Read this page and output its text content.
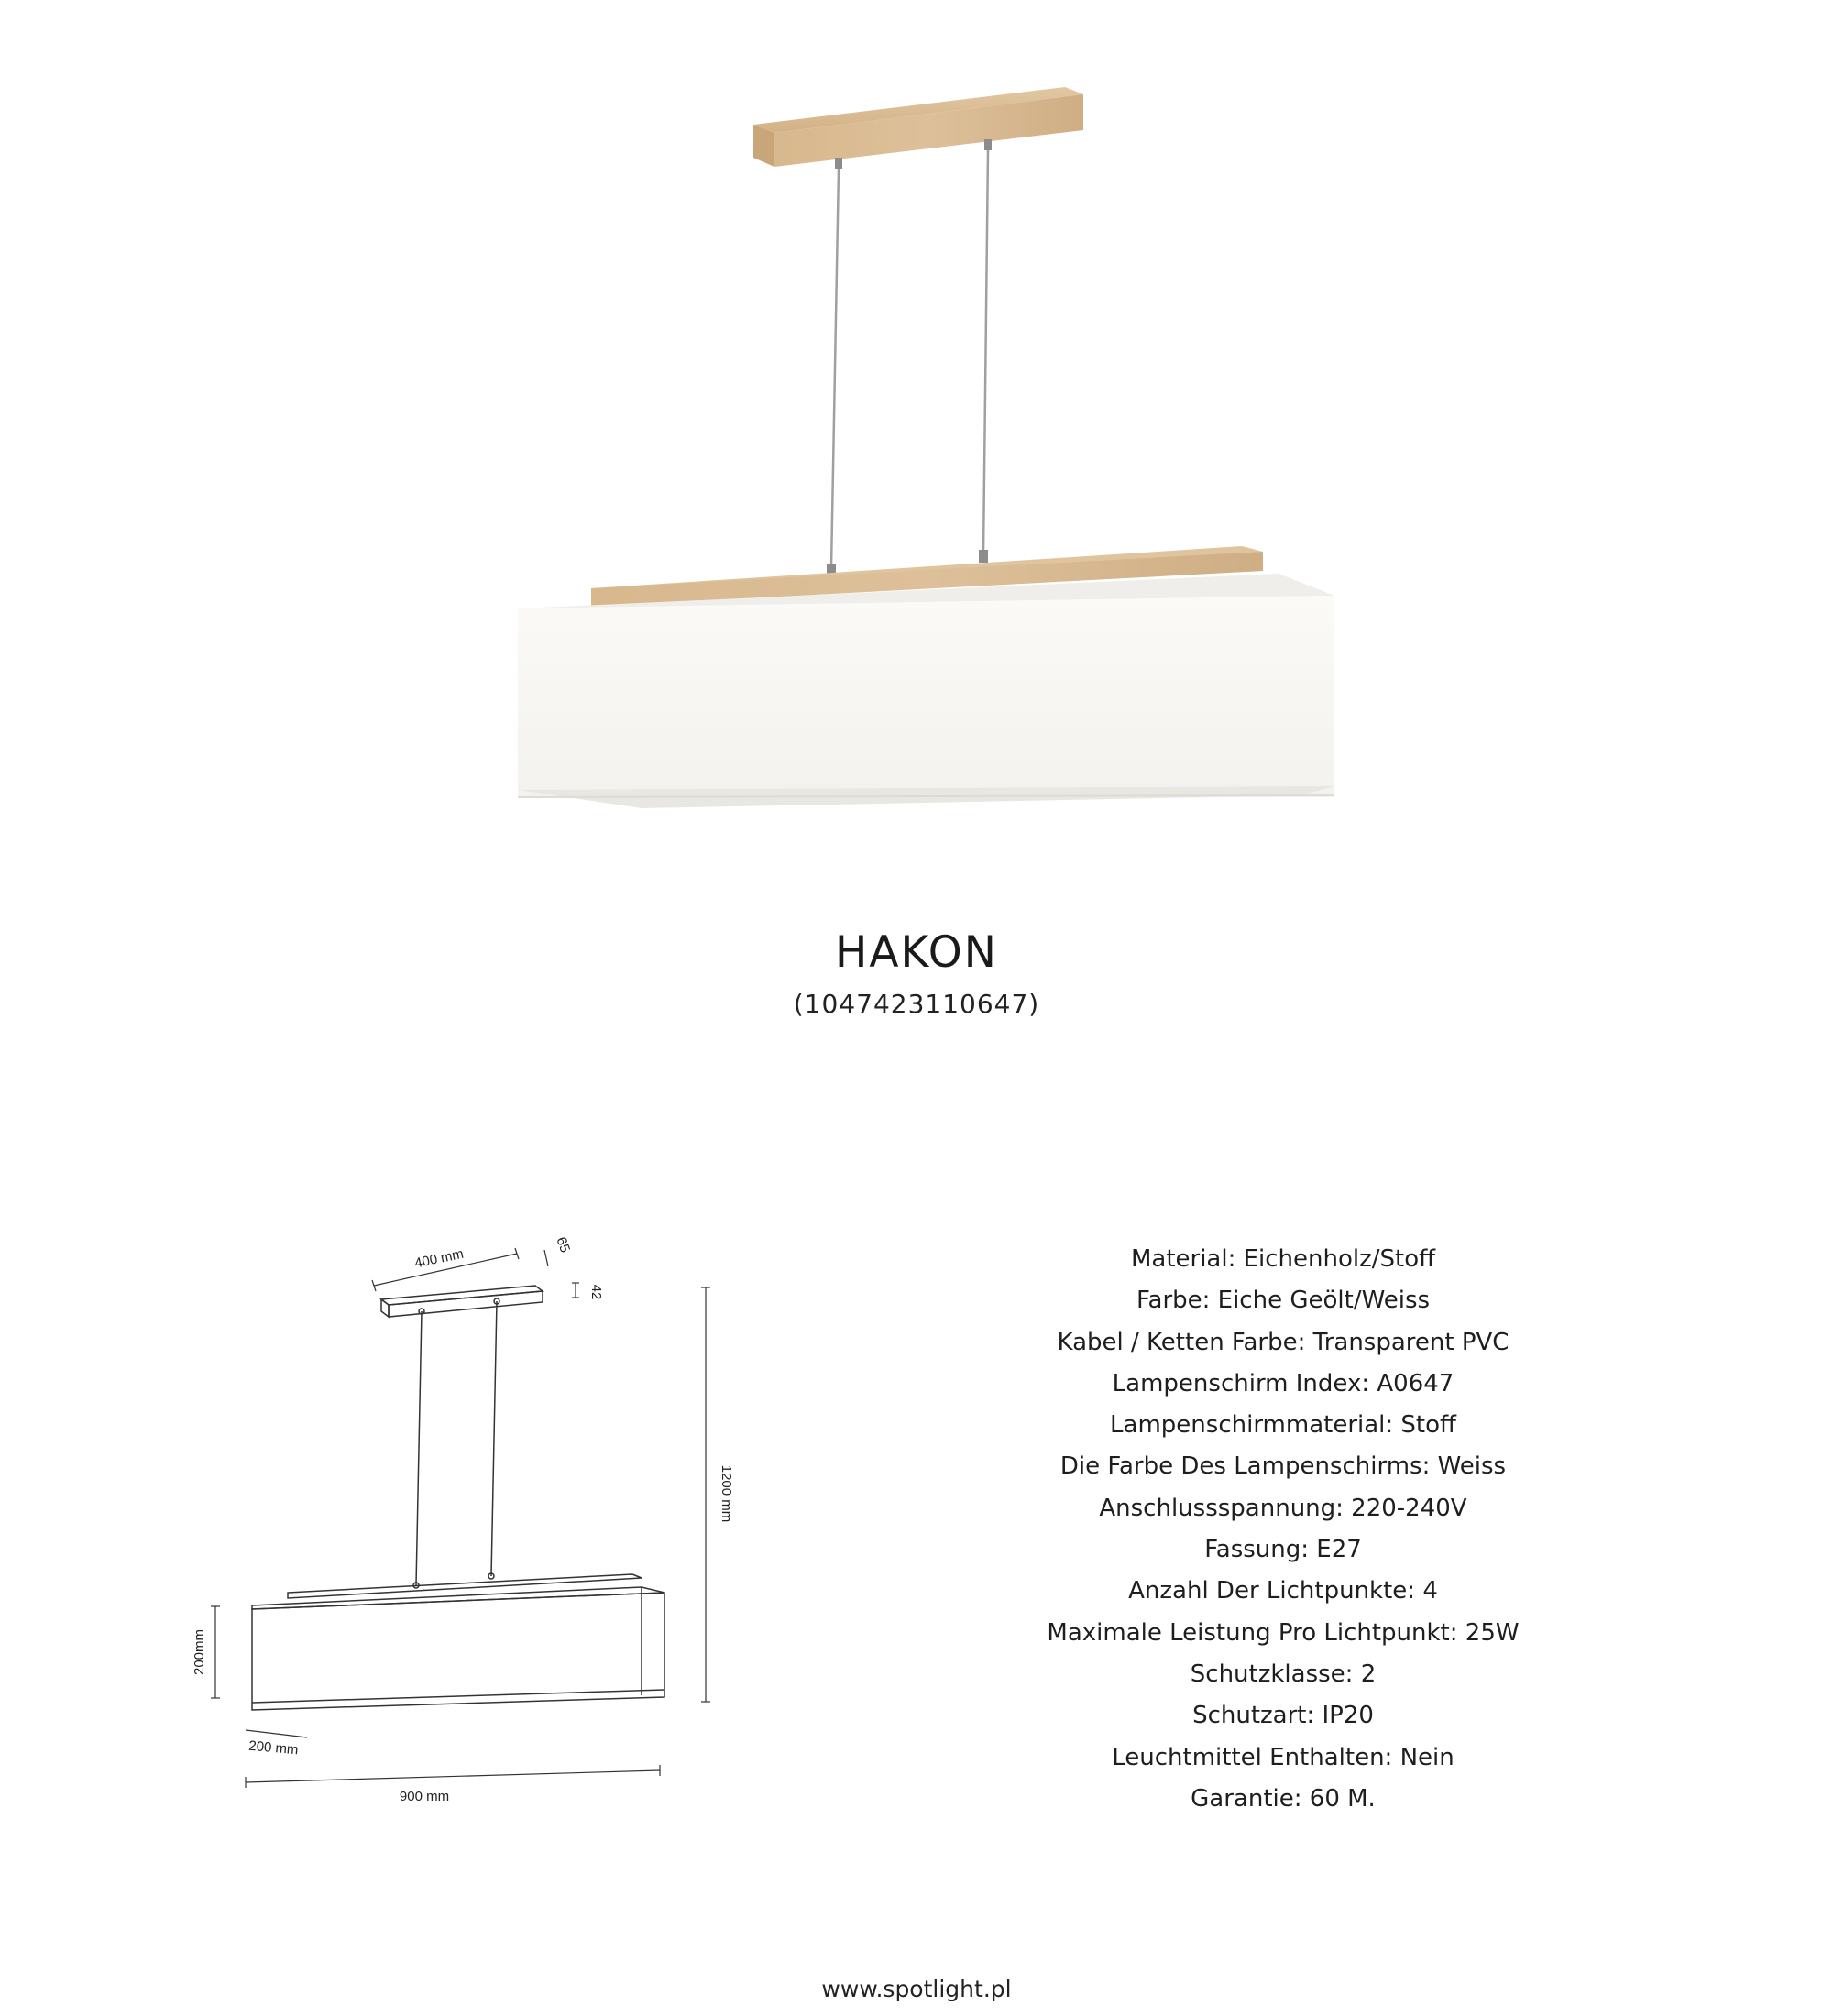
HAKON
(1047423110647)
400 mm
65
42
1200 mm
200mm
200 mm
900 mm
Material: Eichenholz/Stoff
Farbe: Eiche Geölt/Weiss
Kabel / Ketten Farbe: Transparent PVC
Lampenschirm Index: A0647
Lampenschirmmaterial: Stoff
Die Farbe Des Lampenschirms: Weiss
Anschlussspannung: 220-240V
Fassung: E27
Anzahl Der Lichtpunkte: 4
Maximale Leistung Pro Lichtpunkt: 25W
Schutzklasse: 2
Schutzart: IP20
Leuchtmittel Enthalten: Nein
Garantie: 60 M.
www.spotlight.pl
